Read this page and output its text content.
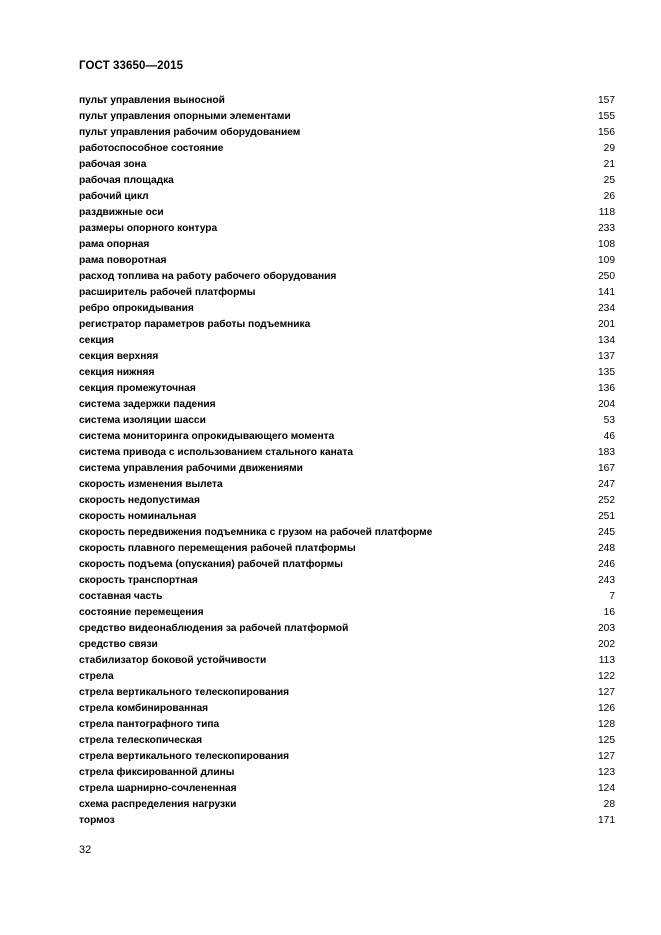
ГОСТ 33650—2015
пульт управления выносной	157
пульт управления опорными элементами	155
пульт управления рабочим оборудованием	156
работоспособное состояние	29
рабочая зона	21
рабочая площадка	25
рабочий цикл	26
раздвижные оси	118
размеры опорного контура	233
рама опорная	108
рама поворотная	109
расход топлива на работу рабочего оборудования	250
расширитель рабочей платформы	141
ребро опрокидывания	234
регистратор параметров работы подъемника	201
секция	134
секция верхняя	137
секция нижняя	135
секция промежуточная	136
система задержки падения	204
система изоляции шасси	53
система мониторинга опрокидывающего момента	46
система привода с использованием стального каната	183
система управления рабочими движениями	167
скорость изменения вылета	247
скорость недопустимая	252
скорость номинальная	251
скорость передвижения подъемника с грузом на рабочей платформе	245
скорость плавного перемещения рабочей платформы	248
скорость подъема (опускания) рабочей платформы	246
скорость транспортная	243
составная часть	7
состояние перемещения	16
средство видеонаблюдения за рабочей платформой	203
средство связи	202
стабилизатор боковой устойчивости	113
стрела	122
стрела вертикального телескопирования	127
стрела комбинированная	126
стрела пантографного типа	128
стрела телескопическая	125
стрела вертикального телескопирования	127
стрела фиксированной длины	123
стрела шарнирно-сочлененная	124
схема распределения нагрузки	28
тормоз	171
32
